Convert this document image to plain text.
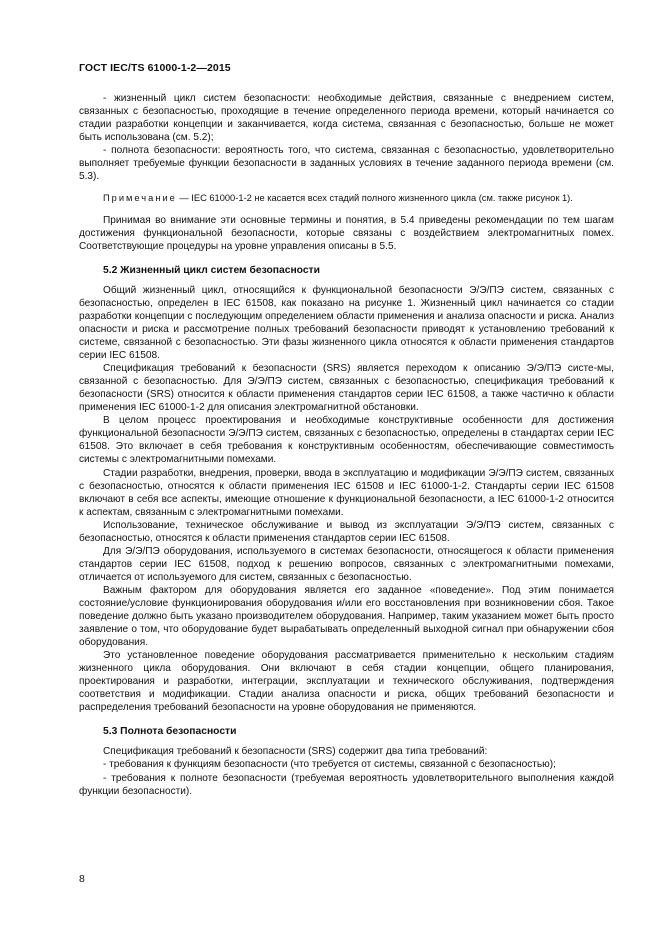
ГОСТ IEC/TS 61000-1-2—2015

- жизненный цикл систем безопасности: необходимые действия, связанные с внедрением систем, связанных с безопасностью, проходящие в течение определенного периода времени, который начинается со стадии разработки концепции и заканчивается, когда система, связанная с безопасностью, больше не может быть использована (см. 5.2);

- полнота безопасности: вероятность того, что система, связанная с безопасностью, удовлетворительно выполняет требуемые функции безопасности в заданных условиях в течение заданного периода времени (см. 5.3).

Примечание — IEC 61000-1-2 не касается всех стадий полного жизненного цикла (см. также рисунок 1).

Принимая во внимание эти основные термины и понятия, в 5.4 приведены рекомендации по тем шагам достижения функциональной безопасности, которые связаны с воздействием электромагнитных помех. Соответствующие процедуры на уровне управления описаны в 5.5.

5.2 Жизненный цикл систем безопасности

Общий жизненный цикл, относящийся к функциональной безопасности Э/Э/ПЭ систем, связанных с безопасностью, определен в IEC 61508, как показано на рисунке 1. Жизненный цикл начинается со стадии разработки концепции с последующим определением области применения и анализа опасности и риска. Анализ опасности и риска и рассмотрение полных требований безопасности приводят к установлению требований к системе, связанной с безопасностью. Эти фазы жизненного цикла относятся к области применения стандартов серии IEC 61508.

Спецификация требований к безопасности (SRS) является переходом к описанию Э/Э/ПЭ систе-мы, связанной с безопасностью. Для Э/Э/ПЭ систем, связанных с безопасностью, спецификация требований к безопасности (SRS) относится к области применения стандартов серии IEC 61508, а также частично к области применения IEC 61000-1-2 для описания электромагнитной обстановки.

В целом процесс проектирования и необходимые конструктивные особенности для достижения функциональной безопасности Э/Э/ПЭ систем, связанных с безопасностью, определены в стандартах серии IEC 61508. Это включает в себя требования к конструктивным особенностям, обеспечивающие совместимость системы с электромагнитными помехами.

Стадии разработки, внедрения, проверки, ввода в эксплуатацию и модификации Э/Э/ПЭ систем, связанных с безопасностью, относятся к области применения IEC 61508 и IEC 61000-1-2. Стандарты серии IEC 61508 включают в себя все аспекты, имеющие отношение к функциональной безопасности, а IEC 61000-1-2 относится к аспектам, связанным с электромагнитными помехами.

Использование, техническое обслуживание и вывод из эксплуатации Э/Э/ПЭ систем, связанных с безопасностью, относятся к области применения стандартов серии IEC 61508.

Для Э/Э/ПЭ оборудования, используемого в системах безопасности, относящегося к области применения стандартов серии IEC 61508, подход к решению вопросов, связанных с электромагнитными помехами, отличается от используемого для систем, связанных с безопасностью.

Важным фактором для оборудования является его заданное «поведение». Под этим понимается состояние/условие функционирования оборудования и/или его восстановления при возникновении сбоя. Такое поведение должно быть указано производителем оборудования. Например, таким указанием может быть просто заявление о том, что оборудование будет вырабатывать определенный выходной сигнал при обнаружении сбоя оборудования.

Это установленное поведение оборудования рассматривается применительно к нескольким стадиям жизненного цикла оборудования. Они включают в себя стадии концепции, общего планирования, проектирования и разработки, интеграции, эксплуатации и технического обслуживания, подтверждения соответствия и модификации. Стадии анализа опасности и риска, общих требований безопасности и распределения требований безопасности на уровне оборудования не применяются.

5.3 Полнота безопасности

Спецификация требований к безопасности (SRS) содержит два типа требований:

- требования к функциям безопасности (что требуется от системы, связанной с безопасностью);

- требования к полноте безопасности (требуемая вероятность удовлетворительного выполнения каждой функции безопасности).

8
